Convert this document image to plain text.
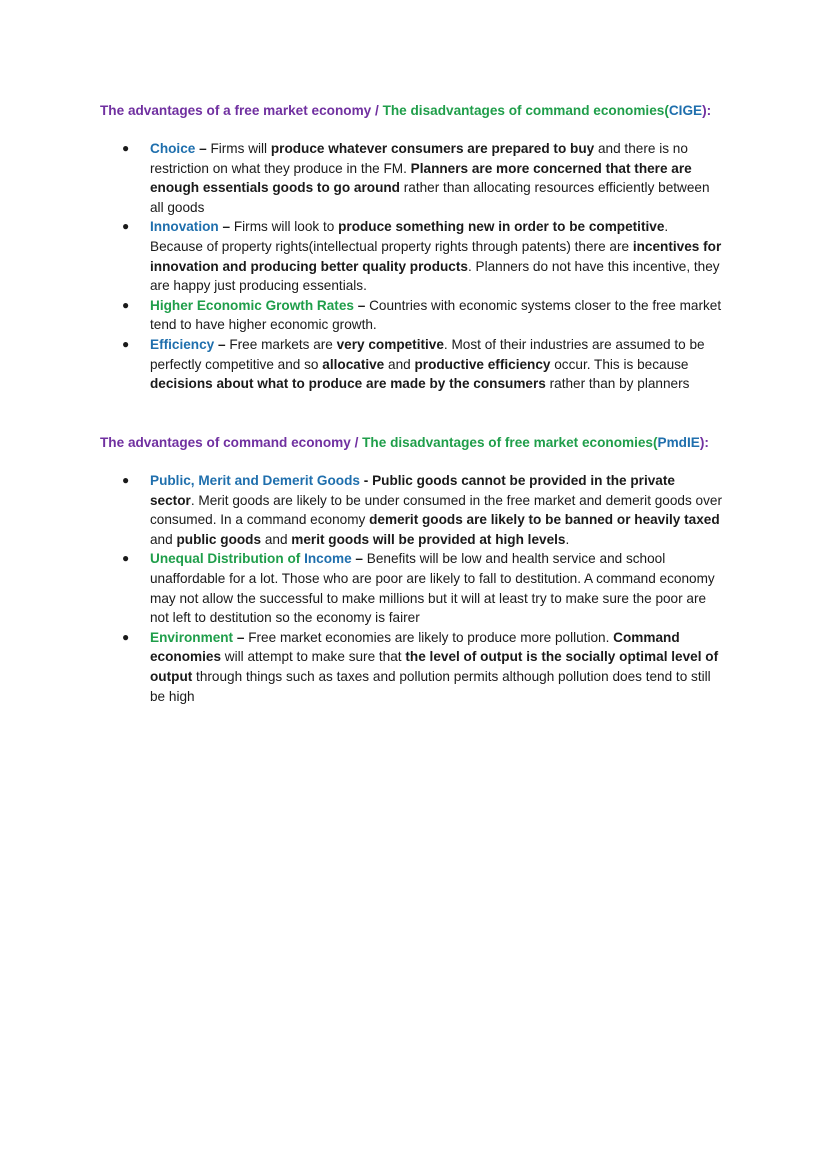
The advantages of a free market economy / The disadvantages of command economies(CIGE):
● Choice – Firms will produce whatever consumers are prepared to buy and there is no restriction on what they produce in the FM. Planners are more concerned that there are enough essentials goods to go around rather than allocating resources efficiently between all goods
● Innovation – Firms will look to produce something new in order to be competitive. Because of property rights(intellectual property rights through patents) there are incentives for innovation and producing better quality products. Planners do not have this incentive, they are happy just producing essentials.
● Higher Economic Growth Rates – Countries with economic systems closer to the free market tend to have higher economic growth.
● Efficiency – Free markets are very competitive. Most of their industries are assumed to be perfectly competitive and so allocative and productive efficiency occur. This is because decisions about what to produce are made by the consumers rather than by planners
The advantages of command economy / The disadvantages of free market economies(PmdIE):
● Public, Merit and Demerit Goods - Public goods cannot be provided in the private sector. Merit goods are likely to be under consumed in the free market and demerit goods over consumed. In a command economy demerit goods are likely to be banned or heavily taxed and public goods and merit goods will be provided at high levels.
● Unequal Distribution of Income – Benefits will be low and health service and school unaffordable for a lot. Those who are poor are likely to fall to destitution. A command economy may not allow the successful to make millions but it will at least try to make sure the poor are not left to destitution so the economy is fairer
● Environment – Free market economies are likely to produce more pollution. Command economies will attempt to make sure that the level of output is the socially optimal level of output through things such as taxes and pollution permits although pollution does tend to still be high
